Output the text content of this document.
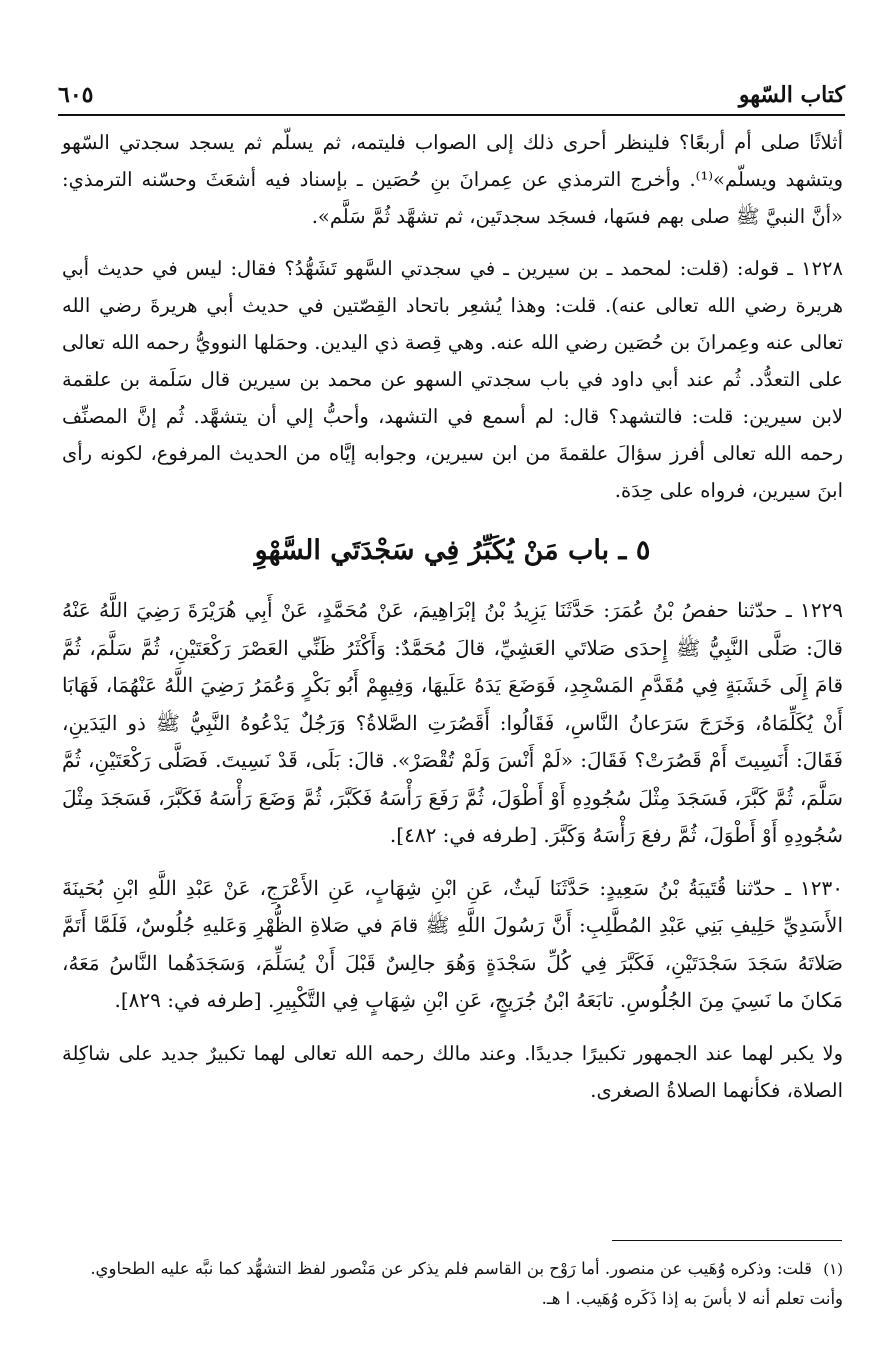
٦٠٥	كتاب السّهو

أثلاثًا صلى أم أربعًا؟ فلينظر أحرى ذلك إلى الصواب فليتمه، ثم يسلّم ثم يسجد سجدتي السّهو ويتشهد ويسلّم»⁽¹⁾. وأخرج الترمذي عن عِمرانَ بنِ حُصَين ـ بإسناد فيه أشعَثَ وحسّنه الترمذي: «أنَّ النبيَّ ﷺ صلى بهم فسَها، فسجَد سجدتَين، ثم تشهَّد ثُمَّ سَلَّم».

١٢٢٨ ـ قوله: (قلت: لمحمد ـ بن سيرين ـ في سجدتي السَّهو تَشَهُّدُ؟ فقال: ليس في حديث أبي هريرة رضي الله تعالى عنه). قلت: وهذا يُشعِر باتحاد القِصّتين في حديث أبي هريرةَ رضي الله تعالى عنه وعِمرانَ بن حُصَين رضي الله عنه. وهي قِصة ذي اليدين. وحمَلها النوويُّ رحمه الله تعالى على التعدُّد. ثُم عند أبي داود في باب سجدتي السهو عن محمد بن سيرين قال سَلَمة بن علقمة لابن سيرين: قلت: فالتشهد؟ قال: لم أسمع في التشهد، وأحبُّ إلي أن يتشهَّد. ثُم إنَّ المصنِّف رحمه الله تعالى أفرز سؤالَ علقمةَ من ابن سيرين، وجوابه إيَّاه من الحديث المرفوع، لكونه رأى ابنَ سيرين، فرواه على حِدَة.

٥ ـ باب مَنْ يُكَبِّرُ فِي سَجْدَتَي السَّهْوِ

١٢٢٩ ـ حدّثنا حفصُ بْنُ عُمَرَ: حَدَّثَنَا يَزِيدُ بْنُ إبْرَاهِيمَ، عَنْ مُحَمَّدٍ، عَنْ أَبِي هُرَيْرَةَ رَضِيَ اللَّهُ عَنْهُ قالَ: صَلَّى النَّبِيُّ ﷺ إِحدَى صَلاتَي العَشِيِّ، قالَ مُحَمَّدٌ: وَأَكْثَرُ ظَنِّي العَصْرَ رَكْعَتَيْنِ، ثُمَّ سَلَّمَ، ثُمَّ قامَ إِلَى خَشَبَةٍ فِي مُقَدَّمِ المَسْجِدِ، فَوَضَعَ يَدَهُ عَلَيهَا، وَفِيهِمْ أَبُو بَكْرٍ وَعُمَرُ رَضِيَ اللَّهُ عَنْهُمَا، فَهَابَا أَنْ يُكَلِّمَاهُ، وَخَرَجَ سَرَعانُ النَّاسِ، فَقَالُوا: أَقَصُرَتِ الصَّلاةُ؟ وَرَجُلٌ يَدْعُوهُ النَّبِيُّ ﷺ ذو اليَدَينِ، فَقَالَ: أَنَسِيتَ أَمْ قَصُرَتْ؟ فَقَالَ: «لَمْ أَنْسَ وَلَمْ تُقْصَرْ». قالَ: بَلَى، قَدْ نَسِيتَ. فَصَلَّى رَكْعَتَيْنِ، ثُمَّ سَلَّمَ، ثُمَّ كَبَّرَ، فَسَجَدَ مِثْلَ سُجُودِهِ أَوْ أَطْوَلَ، ثُمَّ رَفَعَ رَأْسَهُ فَكَبَّرَ، ثُمَّ وَضَعَ رَأْسَهُ فَكَبَّرَ، فَسَجَدَ مِثْلَ سُجُودِهِ أَوْ أَطْوَلَ، ثُمَّ رفعَ رَأْسَهُ وَكَبَّرَ. [طرفه في: ٤٨٢].

١٢٣٠ ـ حدّثنا قُتَيبَةُ بْنُ سَعِيدٍ: حَدَّثَنَا لَيثٌ، عَنِ ابْنِ شِهَابٍ، عَنِ الأَعْرَجِ، عَنْ عَبْدِ اللَّهِ ابْنِ بُحَينَةَ الأَسَدِيِّ حَلِيفِ بَنِي عَبْدِ المُطَّلِبِ: أَنَّ رَسُولَ اللَّهِ ﷺ قامَ في صَلاةِ الظُّهْرِ وَعَليهِ جُلُوسٌ، فَلَمَّا أَتَمَّ صَلاتَهُ سَجَدَ سَجْدَتَيْنِ، فَكَبَّرَ فِي كُلِّ سَجْدَةٍ وَهُوَ جالِسٌ قَبْلَ أَنْ يُسَلِّمَ، وَسَجَدَهُما النَّاسُ مَعَهُ، مَكانَ ما نَسِيَ مِنَ الجُلُوسِ. تابَعَهُ ابْنُ جُرَيجٍ، عَنِ ابْنِ شِهَابٍ فِي التَّكْبِيرِ. [طرفه في: ٨٢٩].

ولا يكبر لهما عند الجمهور تكبيرًا جديدًا. وعند مالك رحمه الله تعالى لهما تكبيرٌ جديد على شاكِلة الصلاة، فكأنهما الصلاةُ الصغرى.

(١) قلت: وذكره وُهَيب عن منصور. أما رَوْح بن القاسم فلم يذكر عن مَنْصور لفظ التشهُّد كما نبَّه عليه الطحاوي.

وأنت تعلم أنه لا بأسَ به إذا ذَكَره وُهَيب. ا هـ.
